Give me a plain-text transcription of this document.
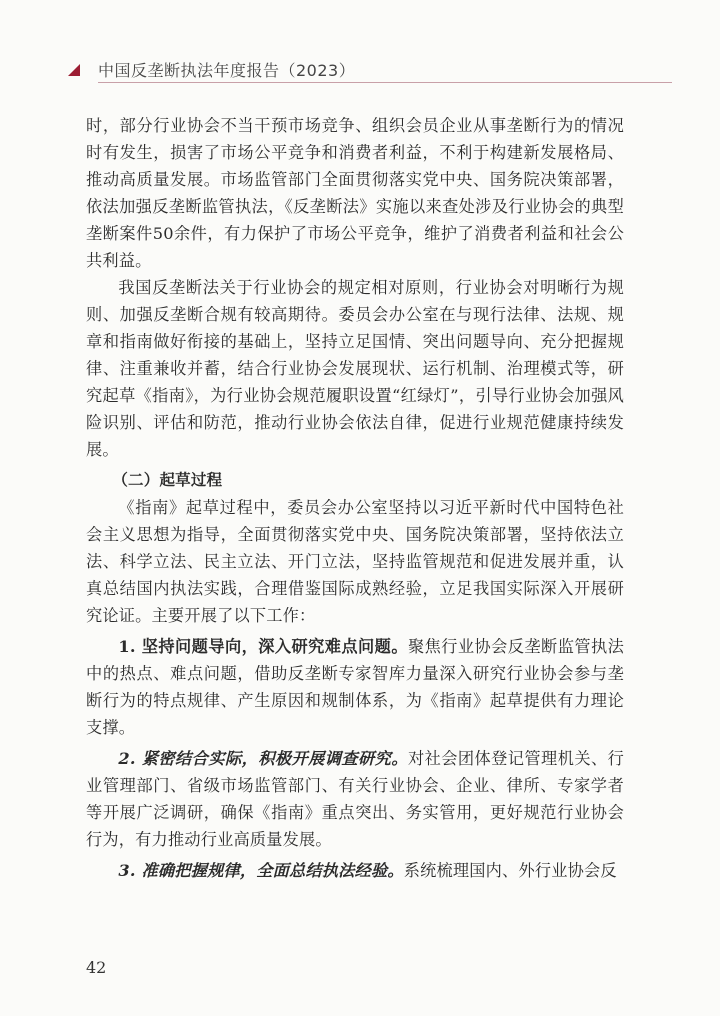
中国反垄断执法年度报告（2023）

时，部分行业协会不当干预市场竞争、组织会员企业从事垄断行为的情况时有发生，损害了市场公平竞争和消费者利益，不利于构建新发展格局、推动高质量发展。市场监管部门全面贯彻落实党中央、国务院决策部署，依法加强反垄断监管执法，《反垄断法》实施以来查处涉及行业协会的典型垄断案件50余件，有力保护了市场公平竞争，维护了消费者利益和社会公共利益。

我国反垄断法关于行业协会的规定相对原则，行业协会对明晰行为规则、加强反垄断合规有较高期待。委员会办公室在与现行法律、法规、规章和指南做好衔接的基础上，坚持立足国情、突出问题导向、充分把握规律、注重兼收并蓄，结合行业协会发展现状、运行机制、治理模式等，研究起草《指南》，为行业协会规范履职设置“红绿灯”，引导行业协会加强风险识别、评估和防范，推动行业协会依法自律，促进行业规范健康持续发展。

（二）起草过程

《指南》起草过程中，委员会办公室坚持以习近平新时代中国特色社会主义思想为指导，全面贯彻落实党中央、国务院决策部署，坚持依法立法、科学立法、民主立法、开门立法，坚持监管规范和促进发展并重，认真总结国内执法实践，合理借鉴国际成熟经验，立足我国实际深入开展研究论证。主要开展了以下工作：

1. 坚持问题导向，深入研究难点问题。聚焦行业协会反垄断监管执法中的热点、难点问题，借助反垄断专家智库力量深入研究行业协会参与垄断行为的特点规律、产生原因和规制体系，为《指南》起草提供有力理论支撑。

2. 紧密结合实际，积极开展调查研究。对社会团体登记管理机关、行业管理部门、省级市场监管部门、有关行业协会、企业、律所、专家学者等开展广泛调研，确保《指南》重点突出、务实管用，更好规范行业协会行为，有力推动行业高质量发展。

3. 准确把握规律，全面总结执法经验。系统梳理国内、外行业协会反

42
